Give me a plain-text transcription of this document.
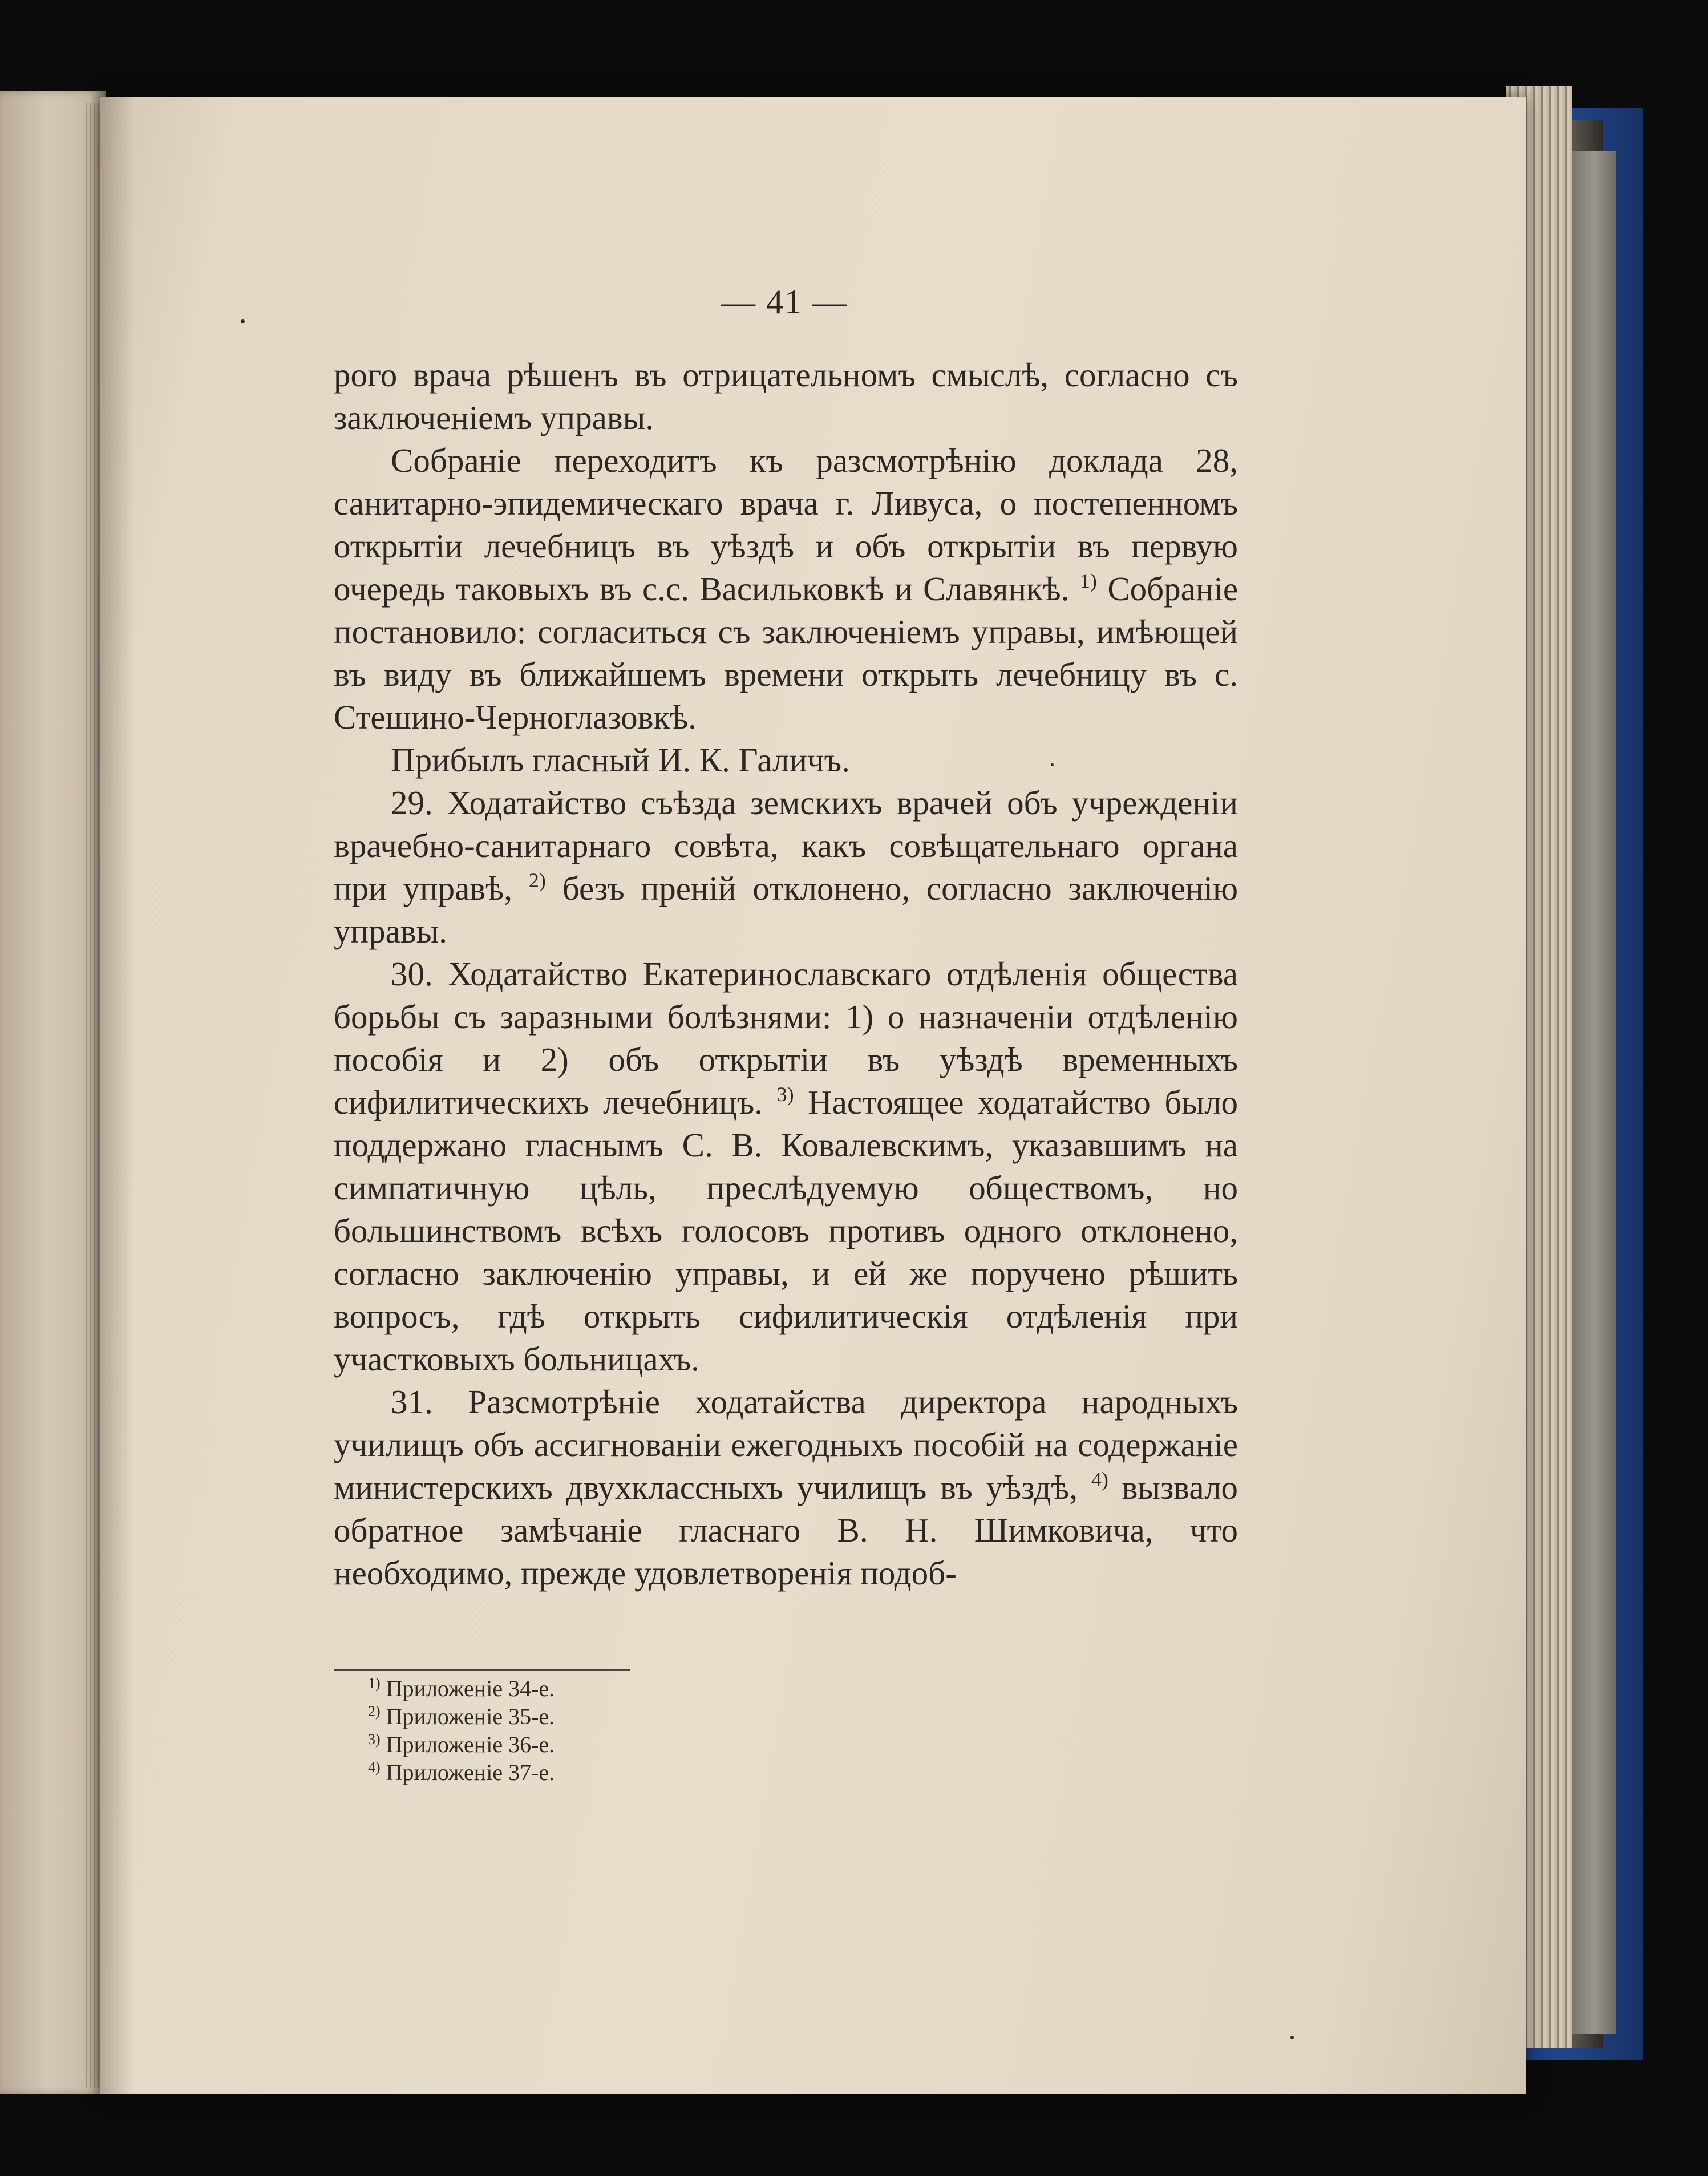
— 41 —

рого врача рѣшенъ въ отрицательномъ смыслѣ, согласно съ заключеніемъ управы.

Собраніе переходитъ къ разсмотрѣнію доклада 28, санитарно-эпидемическаго врача г. Ливуса, о постепенномъ открытіи лечебницъ въ уѣздѣ и объ открытіи въ первую очередь таковыхъ въ с.с. Васильковкѣ и Славянкѣ. $^{1)}$ Собраніе постановило: согласиться съ заключеніемъ управы, имѣющей въ виду въ ближайшемъ времени открыть лечебницу въ с. Стешино-Черноглазовкѣ.

Прибылъ гласный И. К. Галичъ.

29. Ходатайство съѣзда земскихъ врачей объ учрежденіи врачебно-санитарнаго совѣта, какъ совѣщательнаго органа при управѣ, $^{2)}$ безъ преній отклонено, согласно заключенію управы.

30. Ходатайство Екатеринославскаго отдѣленія общества борьбы съ заразными болѣзнями: 1) о назначеніи отдѣленію пособія и 2) объ открытіи въ уѣздѣ временныхъ сифилитическихъ лечебницъ. $^{3)}$ Настоящее ходатайство было поддержано гласнымъ С. В. Ковалевскимъ, указавшимъ на симпатичную цѣль, преслѣдуемую обществомъ, но большинствомъ всѣхъ голосовъ противъ одного отклонено, согласно заключенію управы, и ей же поручено рѣшить вопросъ, гдѣ открыть сифилитическія отдѣленія при участковыхъ больницахъ.

31. Разсмотрѣніе ходатайства директора народныхъ училищъ объ ассигнованіи ежегодныхъ пособій на содержаніе министерскихъ двухклассныхъ училищъ въ уѣздѣ, $^{4)}$ вызвало обратное замѣчаніе гласнаго В. Н. Шимковича, что необходимо, прежде удовлетворенія подоб-

$^{1)}$ Приложеніе 34-е.
$^{2)}$ Приложеніе 35-е.
$^{3)}$ Приложеніе 36-е.
$^{4)}$ Приложеніе 37-е.
